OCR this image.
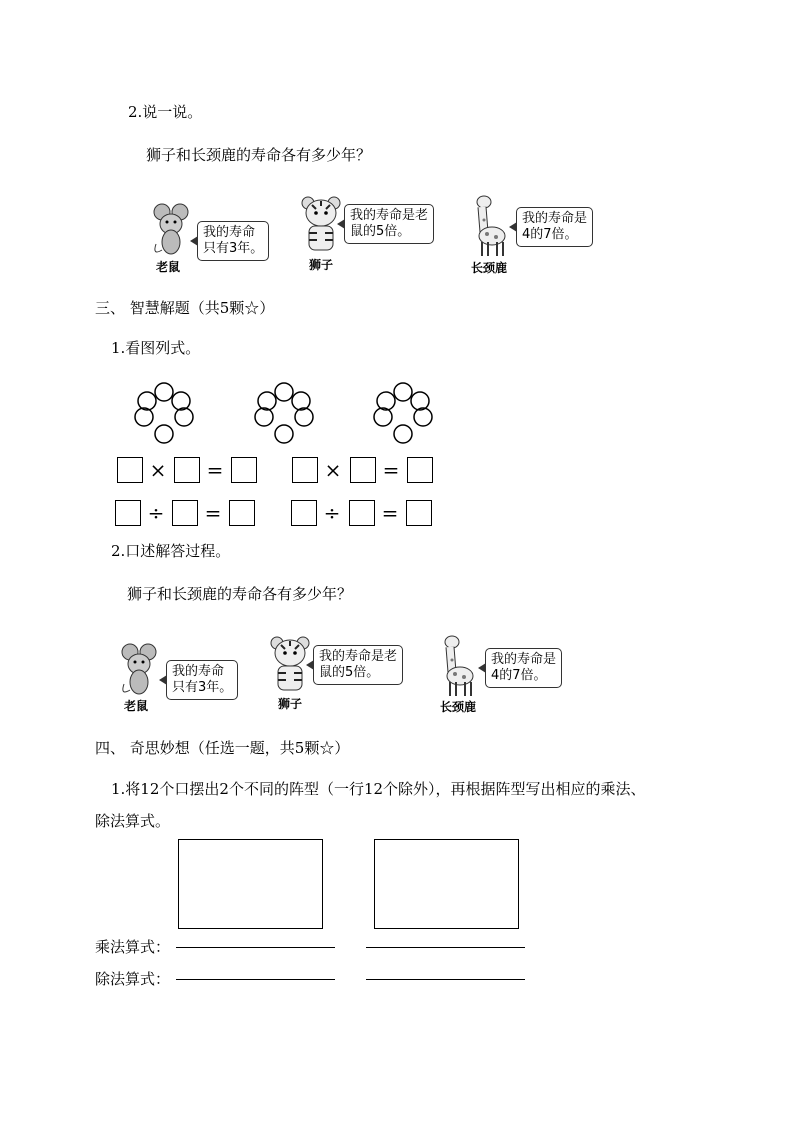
2.说一说。
狮子和长颈鹿的寿命各有多少年？
我的寿命
只有3年。
老鼠
我的寿命是老
鼠的5倍。
狮子
我的寿命是
4的7倍。
长颈鹿
三、 智慧解题（共5颗☆）
1.看图列式。
× =	× =
÷ =	÷ =
2.口述解答过程。
狮子和长颈鹿的寿命各有多少年？
我的寿命
只有3年。
老鼠
我的寿命是老
鼠的5倍。
狮子
我的寿命是
4的7倍。
长颈鹿
四、 奇思妙想（任选一题，共5颗☆）
1.将12个口摆出2个不同的阵型（一行12个除外），再根据阵型写出相应的乘法、
除法算式。
乘法算式：
除法算式：
